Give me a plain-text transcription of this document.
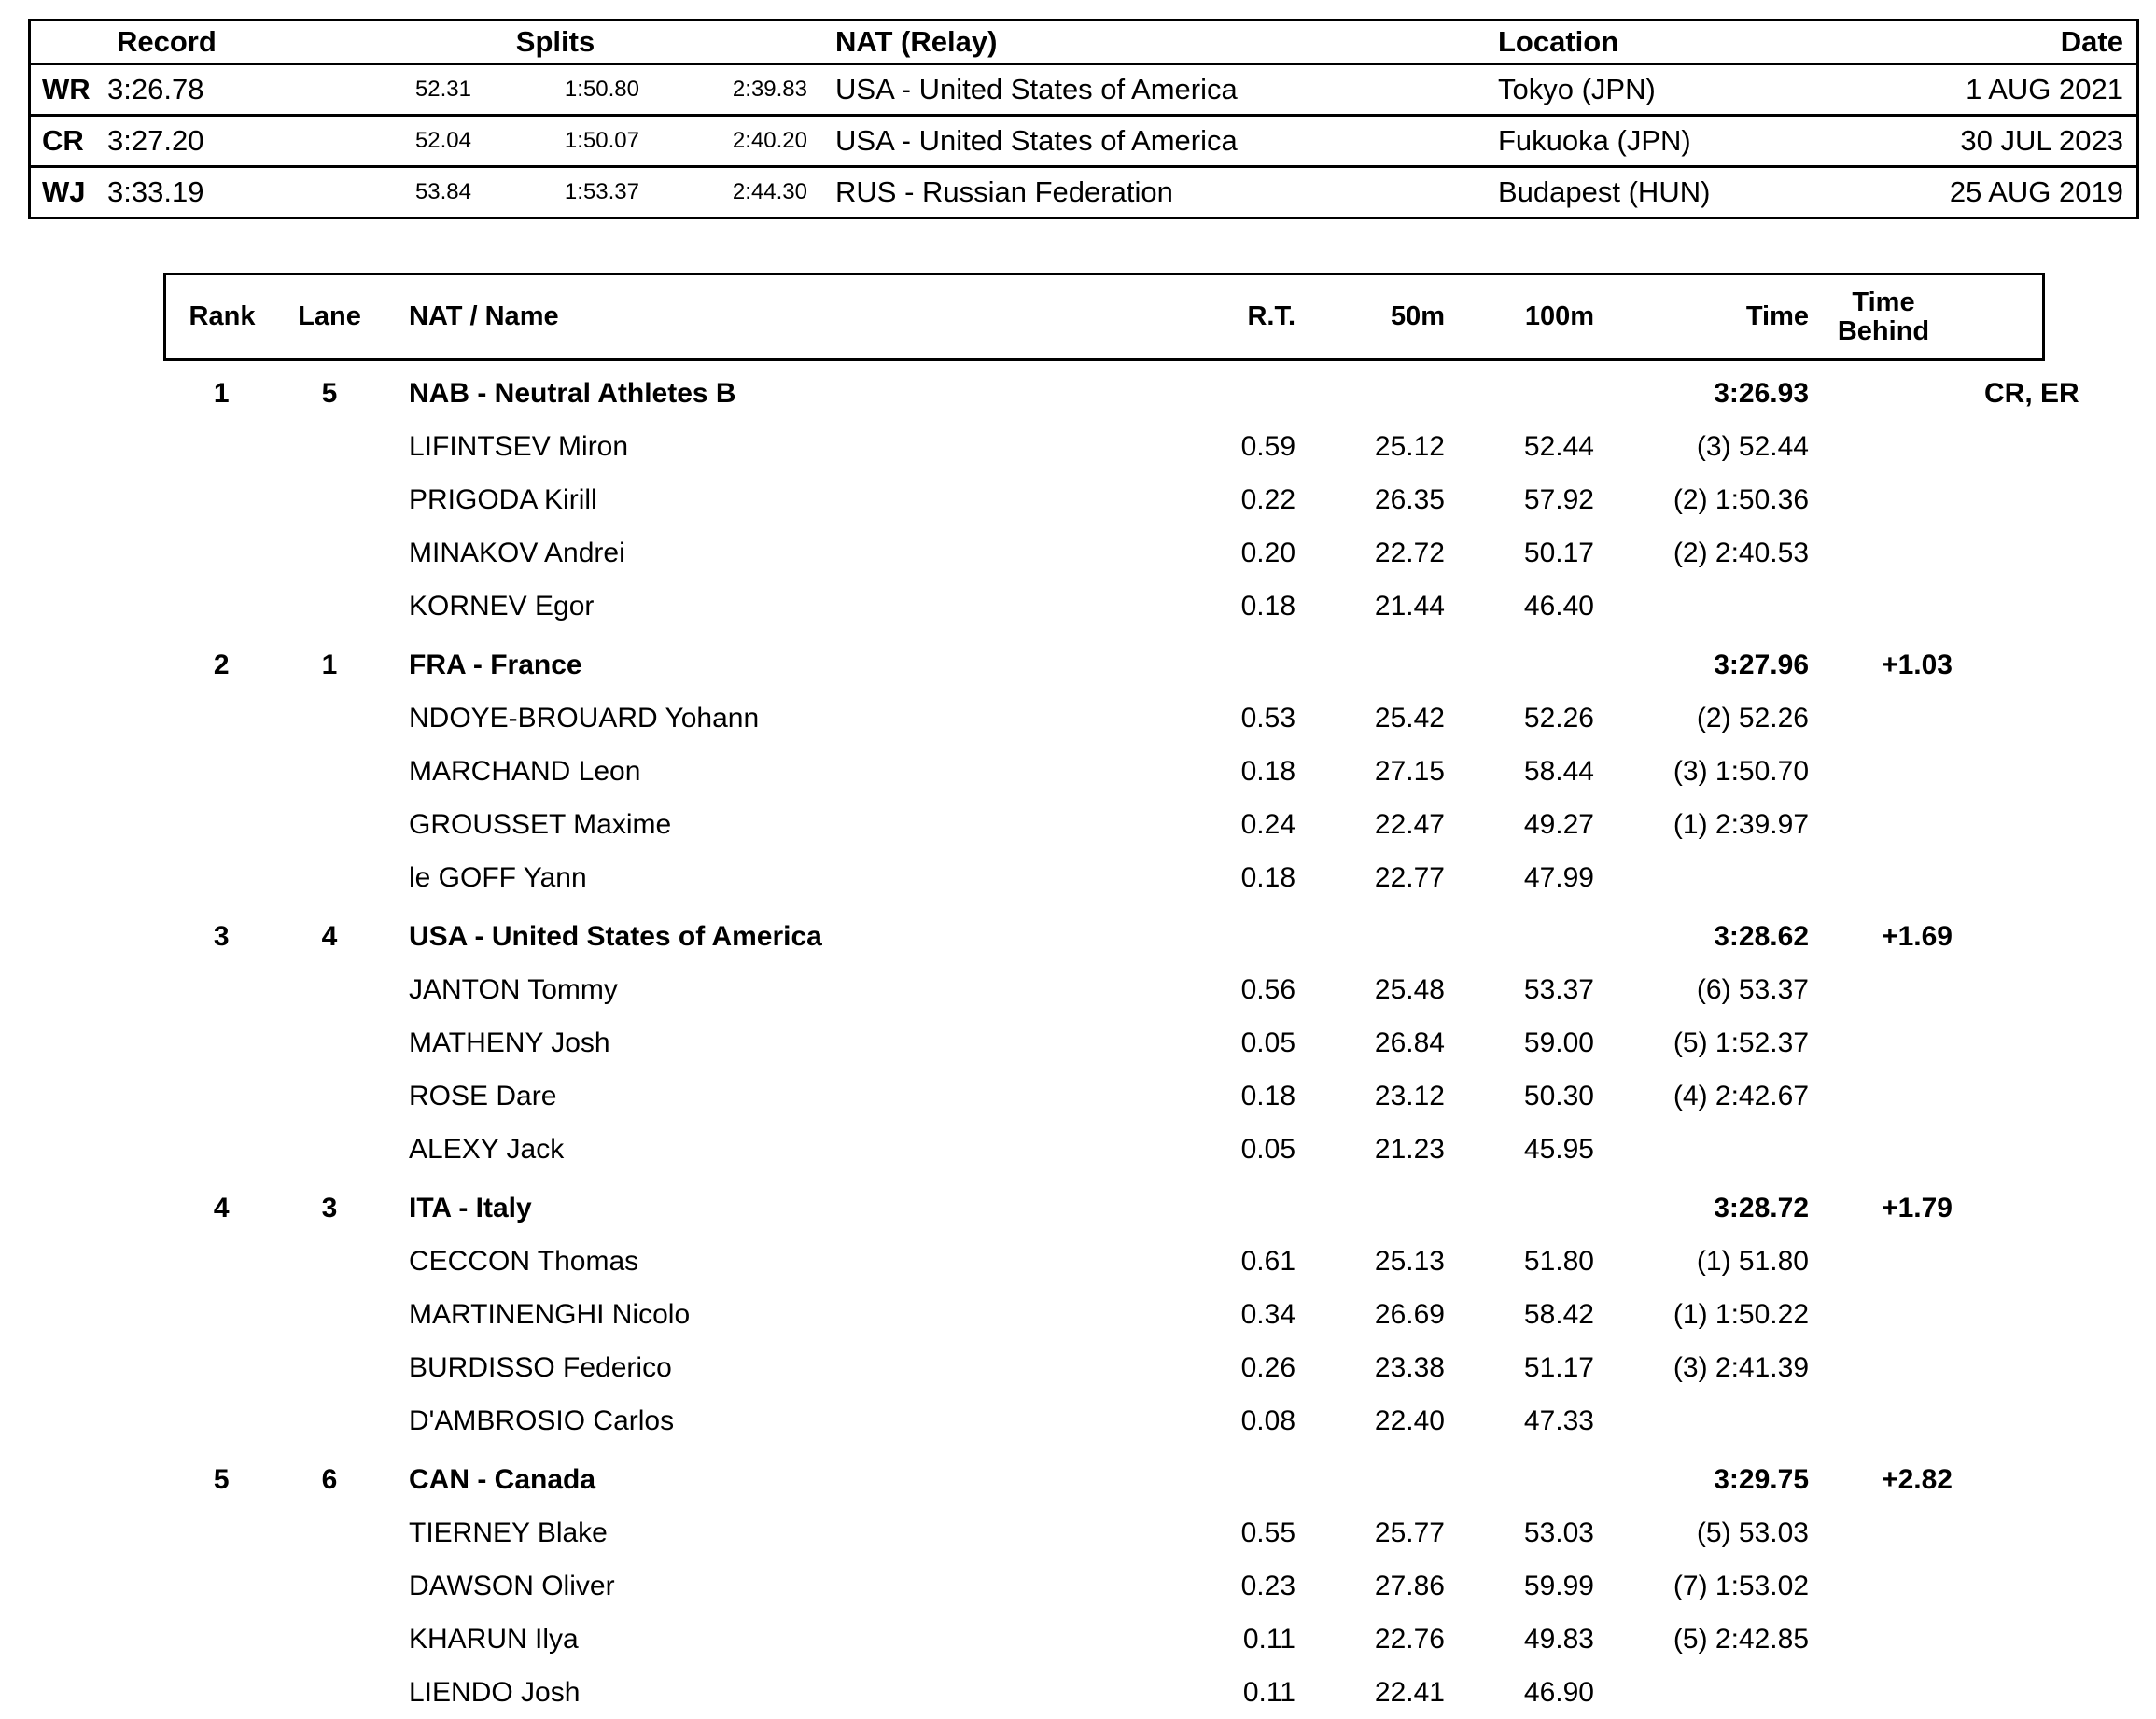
	Record	Splits			NAT (Relay)	Location	Date
WR	3:26.78	52.31	1:50.80	2:39.83	USA - United States of America	Tokyo (JPN)	1 AUG 2021
CR	3:27.20	52.04	1:50.07	2:40.20	USA - United States of America	Fukuoka (JPN)	30 JUL 2023
WJ	3:33.19	53.84	1:53.37	2:44.30	RUS - Russian Federation	Budapest (HUN)	25 AUG 2019
Rank	Lane	NAT / Name	R.T.	50m	100m	Time	Time
Behind	

1	5	NAB - Neutral Athletes B				3:26.93		CR, ER
		LIFINTSEV Miron	0.59	25.12	52.44	(3) 52.44		
		PRIGODA Kirill	0.22	26.35	57.92	(2) 1:50.36		
		MINAKOV Andrei	0.20	22.72	50.17	(2) 2:40.53		
		KORNEV Egor	0.18	21.44	46.40			
2	1	FRA - France				3:27.96	+1.03	
		NDOYE-BROUARD Yohann	0.53	25.42	52.26	(2) 52.26		
		MARCHAND Leon	0.18	27.15	58.44	(3) 1:50.70		
		GROUSSET Maxime	0.24	22.47	49.27	(1) 2:39.97		
		le GOFF Yann	0.18	22.77	47.99			
3	4	USA - United States of America				3:28.62	+1.69	
		JANTON Tommy	0.56	25.48	53.37	(6) 53.37		
		MATHENY Josh	0.05	26.84	59.00	(5) 1:52.37		
		ROSE Dare	0.18	23.12	50.30	(4) 2:42.67		
		ALEXY Jack	0.05	21.23	45.95			
4	3	ITA - Italy				3:28.72	+1.79	
		CECCON Thomas	0.61	25.13	51.80	(1) 51.80		
		MARTINENGHI Nicolo	0.34	26.69	58.42	(1) 1:50.22		
		BURDISSO Federico	0.26	23.38	51.17	(3) 2:41.39		
		D'AMBROSIO Carlos	0.08	22.40	47.33			
5	6	CAN - Canada				3:29.75	+2.82	
		TIERNEY Blake	0.55	25.77	53.03	(5) 53.03		
		DAWSON Oliver	0.23	27.86	59.99	(7) 1:53.02		
		KHARUN Ilya	0.11	22.76	49.83	(5) 2:42.85		
		LIENDO Josh	0.11	22.41	46.90			
